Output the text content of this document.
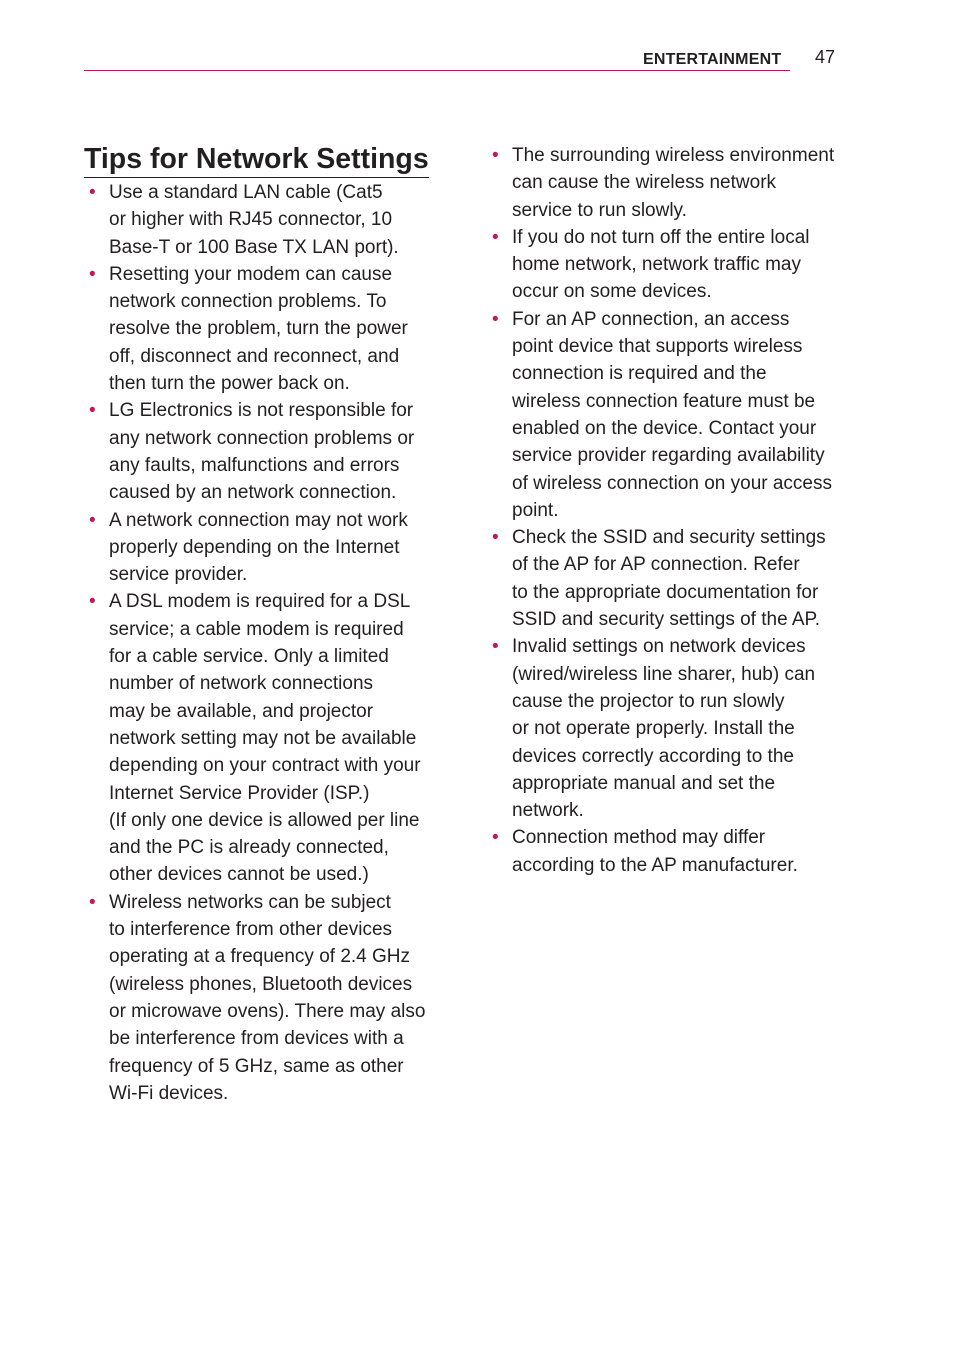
ENTERTAINMENT 47
Tips for Network Settings
• Use a standard LAN cable (Cat5
or higher with RJ45 connector, 10
Base-T or 100 Base TX LAN port).
• Resetting your modem can cause
network connection problems. To
resolve the problem, turn the power
off, disconnect and reconnect, and
then turn the power back on.
• LG Electronics is not responsible for
any network connection problems or
any faults, malfunctions and errors
caused by an network connection.
• A network connection may not work
properly depending on the Internet
service provider.
• A DSL modem is required for a DSL
service; a cable modem is required
for a cable service. Only a limited
number of network connections
may be available, and projector
network setting may not be available
depending on your contract with your
Internet Service Provider (ISP.)
(If only one device is allowed per line
and the PC is already connected,
other devices cannot be used.)
• Wireless networks can be subject
to interference from other devices
operating at a frequency of 2.4 GHz
(wireless phones, Bluetooth devices
or microwave ovens). There may also
be interference from devices with a
frequency of 5 GHz, same as other
Wi-Fi devices.
• The surrounding wireless environment
can cause the wireless network
service to run slowly.
• If you do not turn off the entire local
home network, network traffic may
occur on some devices.
• For an AP connection, an access
point device that supports wireless
connection is required and the
wireless connection feature must be
enabled on the device. Contact your
service provider regarding availability
of wireless connection on your access
point.
• Check the SSID and security settings
of the AP for AP connection. Refer
to the appropriate documentation for
SSID and security settings of the AP.
• Invalid settings on network devices
(wired/wireless line sharer, hub) can
cause the projector to run slowly
or not operate properly. Install the
devices correctly according to the
appropriate manual and set the
network.
• Connection method may differ
according to the AP manufacturer.
